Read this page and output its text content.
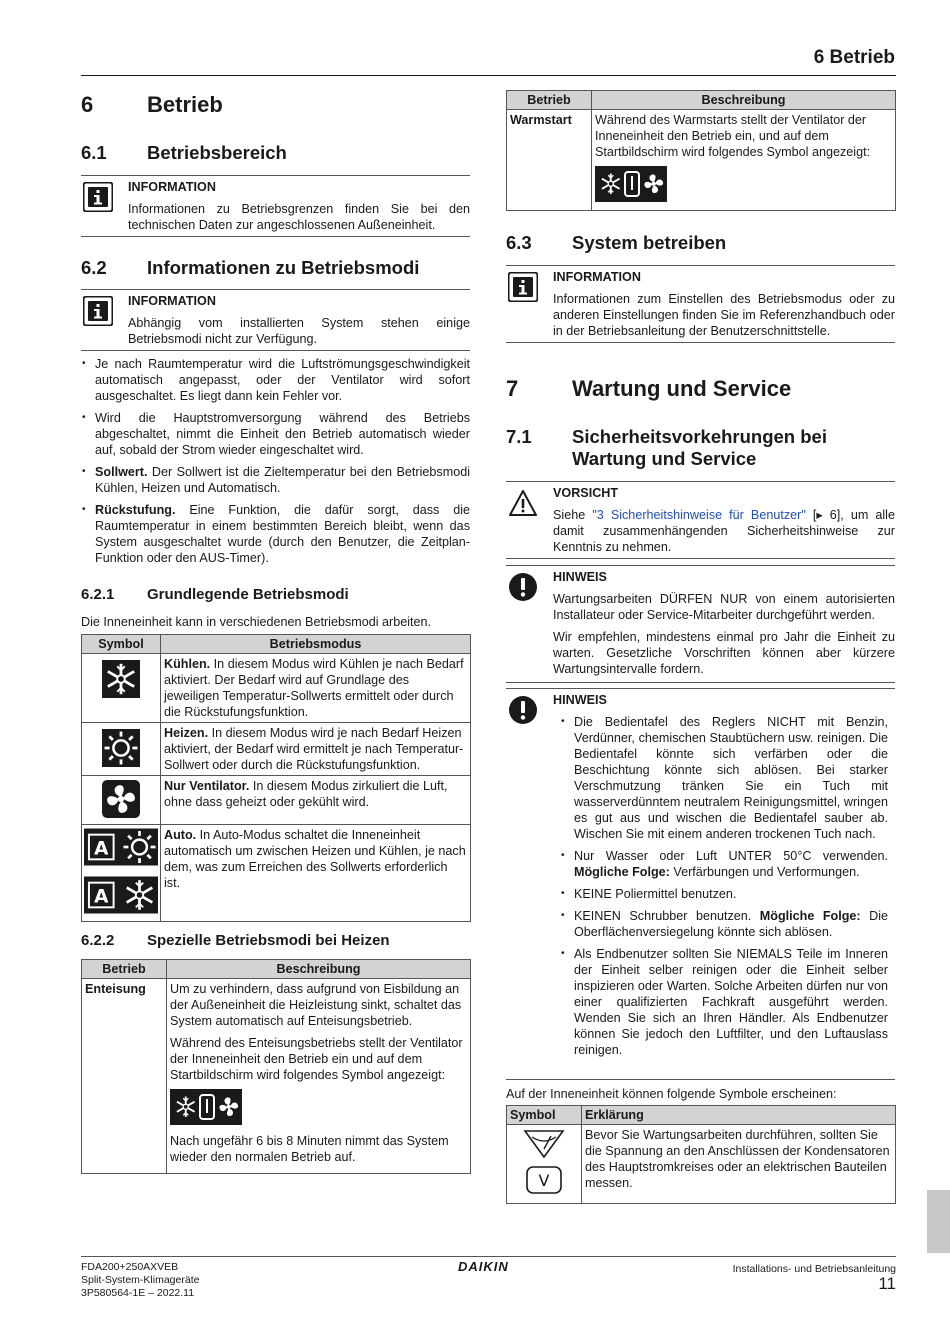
6 Betrieb
6 Betrieb
6.1 Betriebsbereich
INFORMATION
Informationen zu Betriebsgrenzen finden Sie bei den technischen Daten zur angeschlossenen Außeneinheit.
6.2 Informationen zu Betriebsmodi
INFORMATION
Abhängig vom installierten System stehen einige Betriebsmodi nicht zur Verfügung.
• Je nach Raumtemperatur wird die Luftströmungsgeschwindigkeit automatisch angepasst, oder der Ventilator wird sofort ausgeschaltet. Es liegt dann kein Fehler vor.
• Wird die Hauptstromversorgung während des Betriebs abgeschaltet, nimmt die Einheit den Betrieb automatisch wieder auf, sobald der Strom wieder eingeschaltet wird.
• Sollwert. Der Sollwert ist die Zieltemperatur bei den Betriebsmodi Kühlen, Heizen und Automatisch.
• Rückstufung. Eine Funktion, die dafür sorgt, dass die Raumtemperatur in einem bestimmten Bereich bleibt, wenn das System ausgeschaltet wurde (durch den Benutzer, die Zeitplan-Funktion oder den AUS-Timer).
6.2.1 Grundlegende Betriebsmodi
Die Inneneinheit kann in verschiedenen Betriebsmodi arbeiten.
Symbol	Betriebsmodus
	Kühlen. In diesem Modus wird Kühlen je nach Bedarf aktiviert. Der Bedarf wird auf Grundlage des jeweiligen Temperatur-Sollwerts ermittelt oder durch die Rückstufungsfunktion.
	Heizen. In diesem Modus wird je nach Bedarf Heizen aktiviert, der Bedarf wird ermittelt je nach Temperatur-Sollwert oder durch die Rückstufungsfunktion.
	Nur Ventilator. In diesem Modus zirkuliert die Luft, ohne dass geheizt oder gekühlt wird.

A

A	Auto. In Auto-Modus schaltet die Inneneinheit automatisch um zwischen Heizen und Kühlen, je nach dem, was zum Erreichen des Sollwerts erforderlich ist.
6.2.2 Spezielle Betriebsmodi bei Heizen
Betrieb	Beschreibung
Enteisung	Um zu verhindern, dass aufgrund von Eisbildung an der Außeneinheit die Heizleistung sinkt, schaltet das System automatisch auf Enteisungsbetrieb.

Während des Enteisungsbetriebs stellt der Ventilator der Inneneinheit den Betrieb ein und auf dem Startbildschirm wird folgendes Symbol angezeigt:

Nach ungefähr 6 bis 8 Minuten nimmt das System wieder den normalen Betrieb auf.

Betrieb	Beschreibung
Warmstart	Während des Warmstarts stellt der Ventilator der Inneneinheit den Betrieb ein, und auf dem Startbildschirm wird folgendes Symbol angezeigt:

6.3 System betreiben
INFORMATION
Informationen zum Einstellen des Betriebsmodus oder zu anderen Einstellungen finden Sie im Referenzhandbuch oder in der Betriebsanleitung der Benutzerschnittstelle.
7 Wartung und Service
7.1 Sicherheitsvorkehrungen bei
Wartung und Service
VORSICHT
Siehe "3 Sicherheitshinweise für Benutzer" [▸ 6], um alle damit zusammenhängenden Sicherheitshinweise zur Kenntnis zu nehmen.
HINWEIS

Wartungsarbeiten DÜRFEN NUR von einem autorisierten Installateur oder Service-Mitarbeiter durchgeführt werden.

Wir empfehlen, mindestens einmal pro Jahr die Einheit zu warten. Gesetzliche Vorschriften können aber kürzere Wartungsintervalle fordern.

HINWEIS
• Die Bedientafel des Reglers NICHT mit Benzin, Verdünner, chemischen Staubtüchern usw. reinigen. Die Bedientafel könnte sich verfärben oder die Beschichtung könnte sich ablösen. Bei starker Verschmutzung tränken Sie ein Tuch mit wasserverdünntem neutralem Reinigungsmittel, wringen es gut aus und wischen die Bedientafel sauber ab. Wischen Sie mit einem anderen trockenen Tuch nach.
• Nur Wasser oder Luft UNTER 50°C verwenden. Mögliche Folge: Verfärbungen und Verformungen.
• KEINE Poliermittel benutzen.
• KEINEN Schrubber benutzen. Mögliche Folge: Die Oberflächenversiegelung könnte sich ablösen.
• Als Endbenutzer sollten Sie NIEMALS Teile im Inneren der Einheit selber reinigen oder die Einheit selber inspizieren oder Warten. Solche Arbeiten dürfen nur von einer qualifizierten Fachkraft ausgeführt werden. Wenden Sie sich an Ihren Händler. Als Endbenutzer können Sie jedoch den Luftfilter, und den Luftauslass reinigen.
Auf der Inneneinheit können folgende Symbole erscheinen:
Symbol	Erklärung

V	Bevor Sie Wartungsarbeiten durchführen, sollten Sie die Spannung an den Anschlüssen der Kondensatoren des Hauptstromkreises oder an elektrischen Bauteilen messen.
FDA200+250AXVEB
Split-System-Klimageräte
3P580564-1E – 2022.11
DAIKIN	Installations- und Betriebsanleitung
11
